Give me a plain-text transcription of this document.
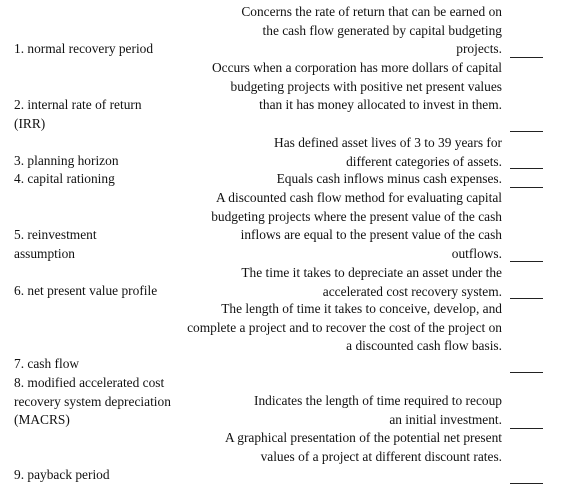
1. normal recovery period
2. internal rate of return (IRR)
3. planning horizon
4. capital rationing
5. reinvestment assumption
6. net present value profile
7. cash flow
8. modified accelerated cost recovery system depreciation (MACRS)
9. payback period
Concerns the rate of return that can be earned on the cash flow generated by capital budgeting projects.
Occurs when a corporation has more dollars of capital budgeting projects with positive net present values than it has money allocated to invest in them.
Has defined asset lives of 3 to 39 years for different categories of assets.
Equals cash inflows minus cash expenses.
A discounted cash flow method for evaluating capital budgeting projects where the present value of the cash inflows are equal to the present value of the cash outflows.
The time it takes to depreciate an asset under the accelerated cost recovery system.
The length of time it takes to conceive, develop, and complete a project and to recover the cost of the project on a discounted cash flow basis.
Indicates the length of time required to recoup an initial investment.
A graphical presentation of the potential net present values of a project at different discount rates.
